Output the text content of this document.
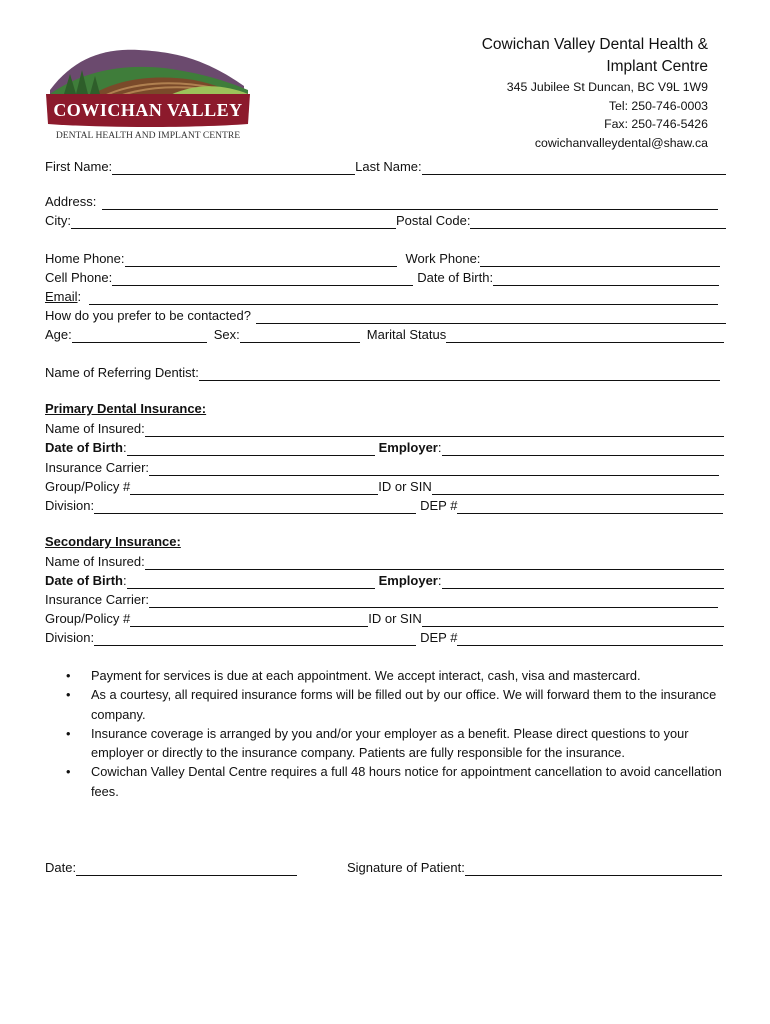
COWICHAN VALLEY
DENTAL HEALTH AND IMPLANT CENTRE
Cowichan Valley Dental Health &
Implant Centre
345 Jubilee St Duncan, BC V9L 1W9
Tel: 250-746-0003
Fax: 250-746-5426
cowichanvalleydental@shaw.ca
First Name:	Last Name:
Address:
City:	Postal Code:
Home Phone:	Work Phone:
Cell Phone:	Date of Birth:
Email :
How do you prefer to be contacted?
Age:	Sex:	Marital Status
Name of Referring Dentist:
Primary Dental Insurance:
Name of Insured:
Date of Birth :	Employer :
Insurance Carrier:
Group/Policy #	ID or SIN
Division:	DEP #
Secondary Insurance:
Name of Insured:
Date of Birth :	Employer :
Insurance Carrier:
Group/Policy #	ID or SIN
Division:	DEP #
• Payment for services is due at each appointment. We accept interact, cash, visa and mastercard.
• As a courtesy, all required insurance forms will be filled out by our office. We will forward them to the insurance company.
• Insurance coverage is arranged by you and/or your employer as a benefit. Please direct questions to your employer or directly to the insurance company. Patients are fully responsible for the insurance.
• Cowichan Valley Dental Centre requires a full 48 hours notice for appointment cancellation to avoid cancellation fees.
Date:	Signature of Patient:
